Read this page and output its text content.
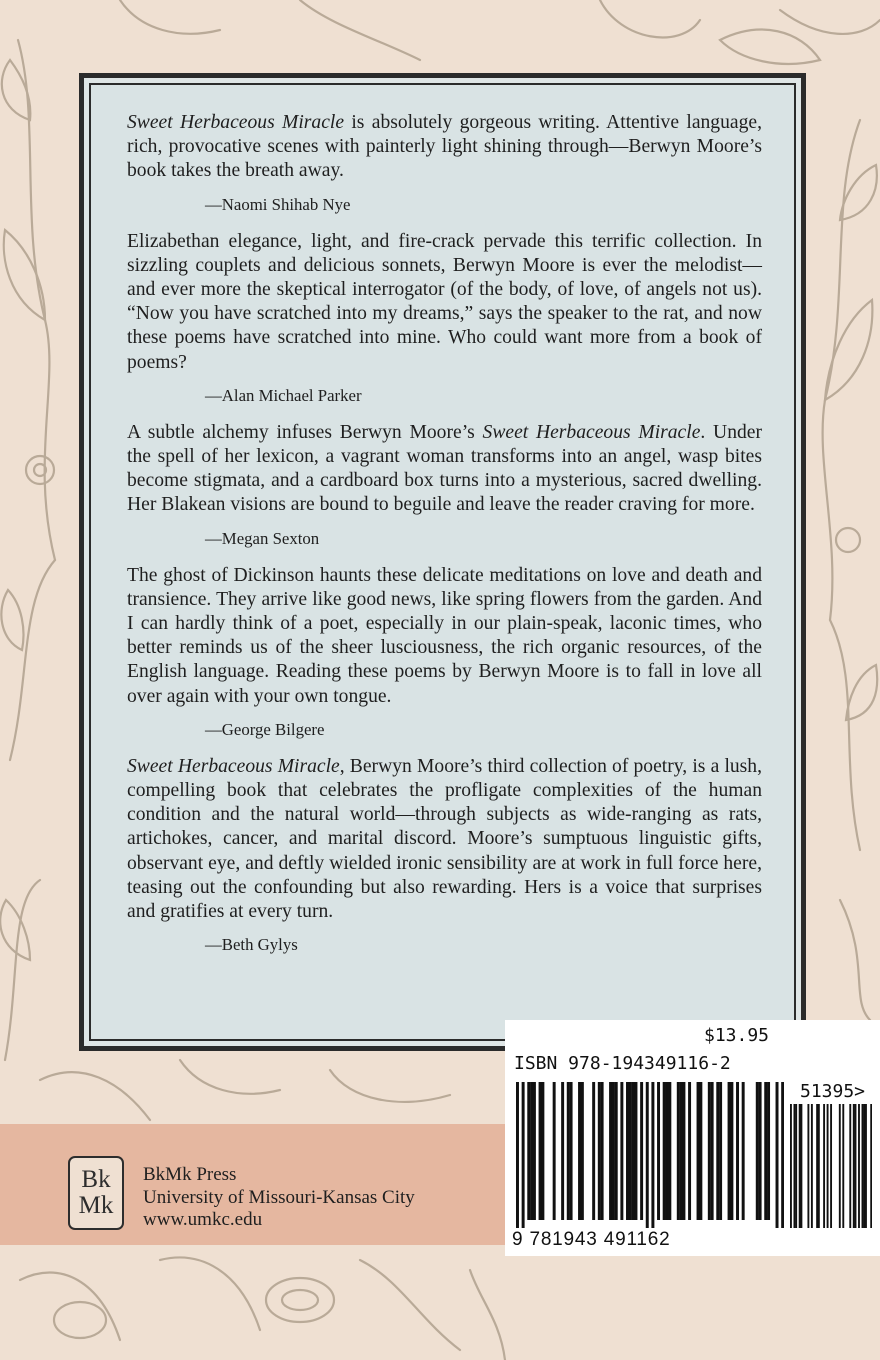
Sweet Herbaceous Miracle is absolutely gorgeous writing. Attentive language, rich, provocative scenes with painterly light shining through—Berwyn Moore’s book takes the breath away.

—Naomi Shihab Nye

Elizabethan elegance, light, and fire-crack pervade this terrific collection. In sizzling couplets and delicious sonnets, Berwyn Moore is ever the melodist—and ever more the skeptical interrogator (of the body, of love, of angels not us). “Now you have scratched into my dreams,” says the speaker to the rat, and now these poems have scratched into mine. Who could want more from a book of poems?

—Alan Michael Parker

A subtle alchemy infuses Berwyn Moore’s Sweet Herbaceous Miracle. Under the spell of her lexicon, a vagrant woman transforms into an angel, wasp bites become stigmata, and a cardboard box turns into a mysterious, sacred dwelling. Her Blakean visions are bound to beguile and leave the reader craving for more.

—Megan Sexton

The ghost of Dickinson haunts these delicate meditations on love and death and transience. They arrive like good news, like spring flowers from the garden. And I can hardly think of a poet, especially in our plain-speak, laconic times, who better reminds us of the sheer lusciousness, the rich organic resources, of the English language. Reading these poems by Berwyn Moore is to fall in love all over again with your own tongue.

—George Bilgere

Sweet Herbaceous Miracle, Berwyn Moore’s third collection of poetry, is a lush, compelling book that celebrates the profligate complexities of the human condition and the natural world—through subjects as wide-ranging as rats, artichokes, cancer, and marital discord. Moore’s sumptuous linguistic gifts, observant eye, and deftly wielded ironic sensibility are at work in full force here, teasing out the confounding but also rewarding. Hers is a voice that surprises and gratifies at every turn.

—Beth Gylys

Bk
Mk
BkMk Press
University of Missouri-Kansas City
www.umkc.edu
$13.95
ISBN 978-194349116-2
51395>
9 781943 491162
